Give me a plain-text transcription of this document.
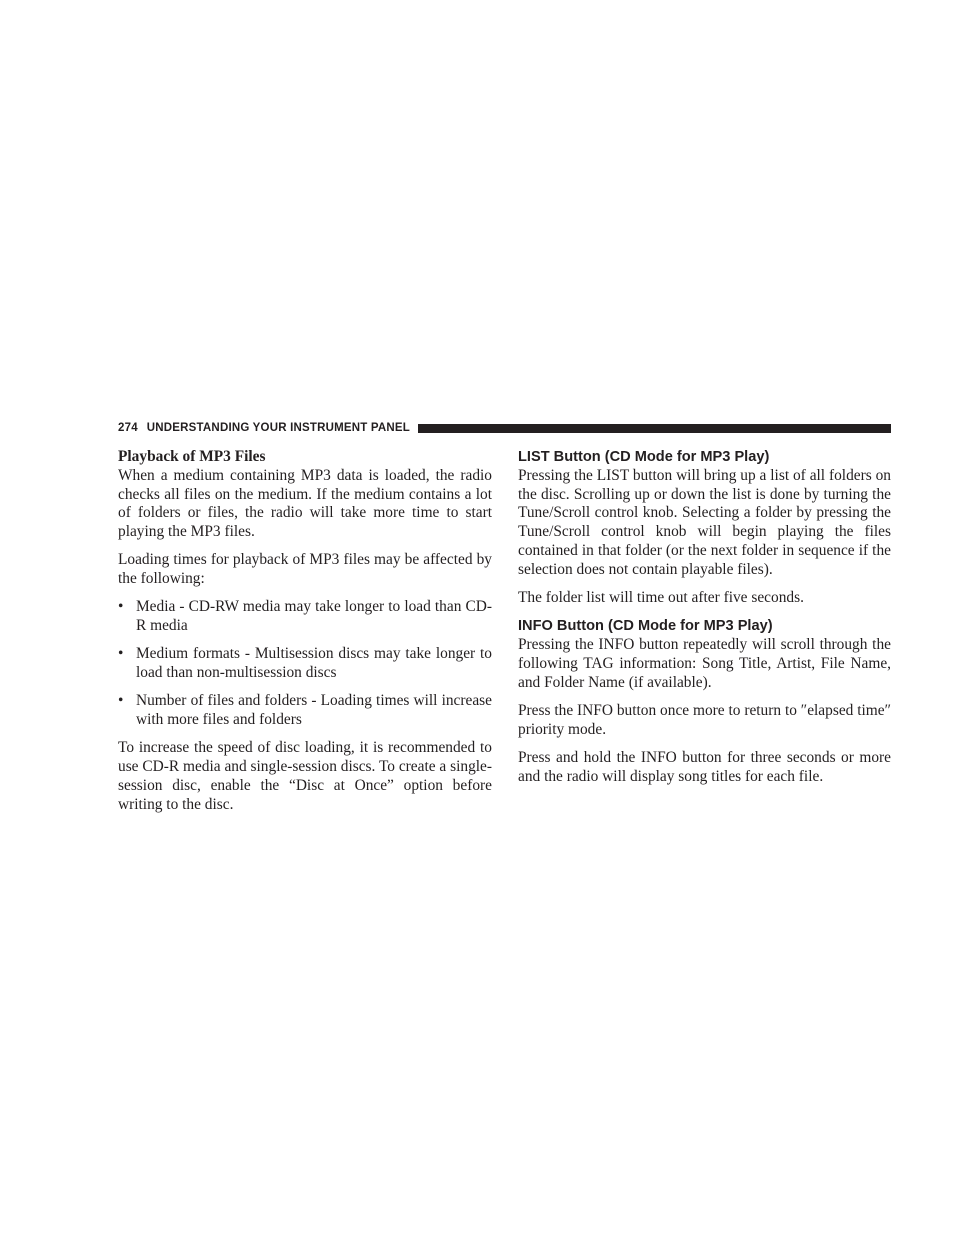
274 UNDERSTANDING YOUR INSTRUMENT PANEL
Playback of MP3 Files

When a medium containing MP3 data is loaded, the radio checks all files on the medium. If the medium contains a lot of folders or files, the radio will take more time to start playing the MP3 files.

Loading times for playback of MP3 files may be affected by the following:

• Media - CD-RW media may take longer to load than CD-R media
• Medium formats - Multisession discs may take longer to load than non-multisession discs
• Number of files and folders - Loading times will increase with more files and folders

To increase the speed of disc loading, it is recommended to use CD-R media and single-session discs. To create a single-session disc, enable the “Disc at Once” option before writing to the disc.

LIST Button (CD Mode for MP3 Play)

Pressing the LIST button will bring up a list of all folders on the disc. Scrolling up or down the list is done by turning the Tune/Scroll control knob. Selecting a folder by pressing the Tune/Scroll control knob will begin playing the files contained in that folder (or the next folder in sequence if the selection does not contain playable files).

The folder list will time out after five seconds.

INFO Button (CD Mode for MP3 Play)

Pressing the INFO button repeatedly will scroll through the following TAG information: Song Title, Artist, File Name, and Folder Name (if available).

Press the INFO button once more to return to ″elapsed time″ priority mode.

Press and hold the INFO button for three seconds or more and the radio will display song titles for each file.
